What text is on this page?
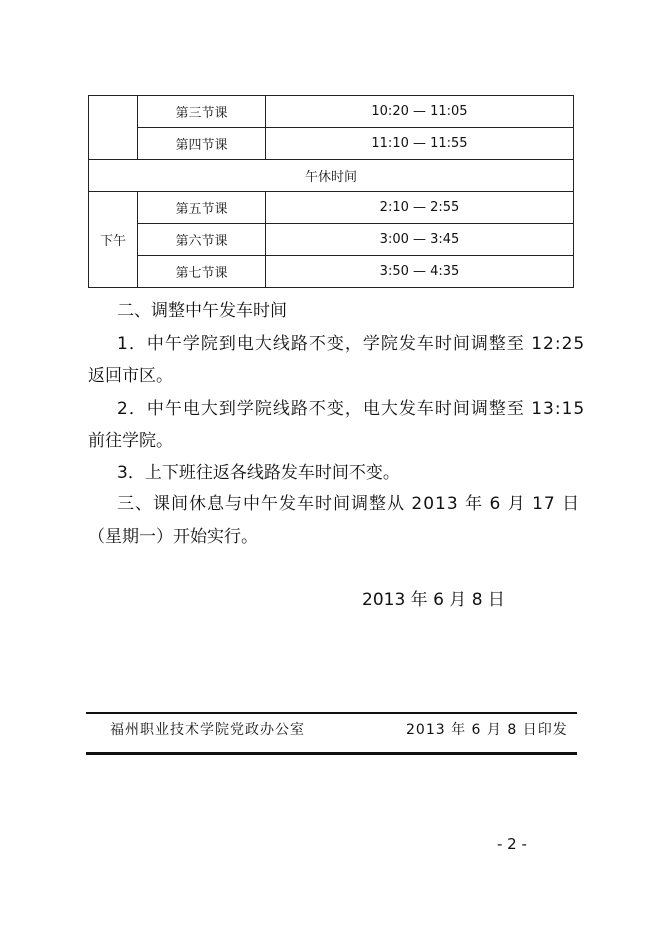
	第三节课	10:20 — 11:05
	第四节课	11:10 — 11:55
午休时间		
下午	第五节课	2:10 — 2:55
	第六节课	3:00 — 3:45
	第七节课	3:50 — 4:35
二、调整中午发车时间
1．中午学院到电大线路不变，学院发车时间调整至 12:25
返回市区。
2．中午电大到学院线路不变，电大发车时间调整至 13:15
前往学院。
3．上下班往返各线路发车时间不变。
三、课间休息与中午发车时间调整从 2013 年 6 月 17 日
（星期一）开始实行。
2013 年 6 月 8 日
福州职业技术学院党政办公室	2013 年 6 月 8 日印发
- 2 -
